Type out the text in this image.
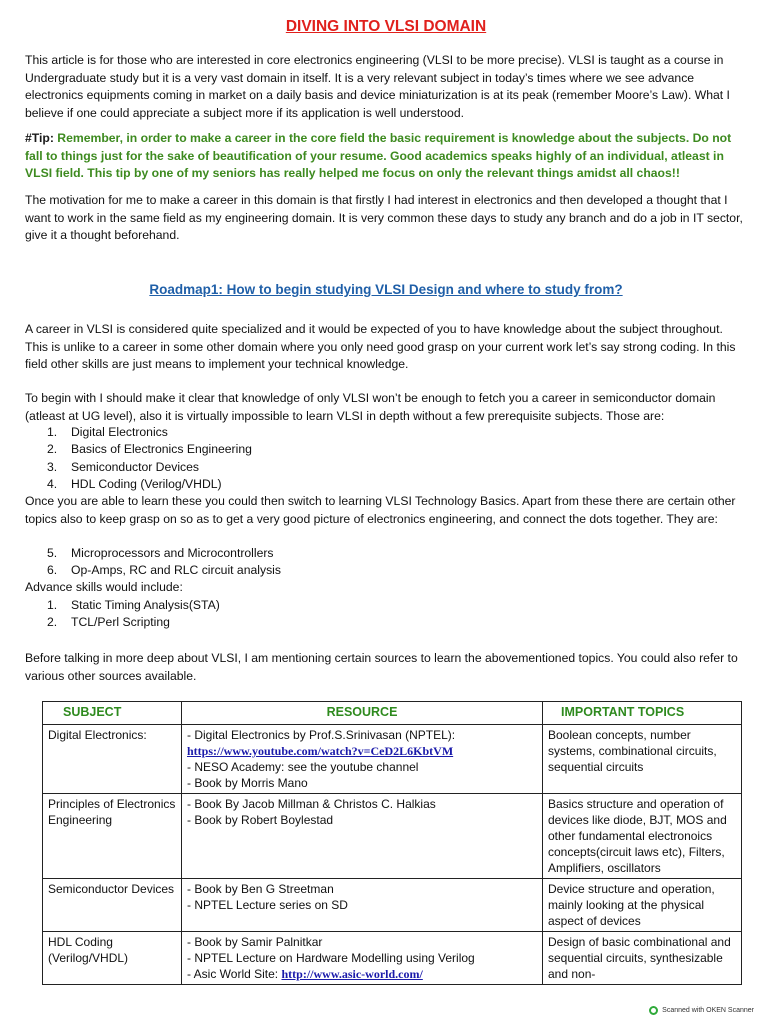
DIVING INTO VLSI DOMAIN

This article is for those who are interested in core electronics engineering (VLSI to be more precise). VLSI is taught as a course in Undergraduate study but it is a very vast domain in itself. It is a very relevant subject in today’s times where we see advance electronics equipments coming in market on a daily basis and device miniaturization is at its peak (remember Moore’s Law). What I believe if one could appreciate a subject more if its application is well understood.

#Tip: Remember, in order to make a career in the core field the basic requirement is knowledge about the subjects. Do not fall to things just for the sake of beautification of your resume. Good academics speaks highly of an individual, atleast in VLSI field. This tip by one of my seniors has really helped me focus on only the relevant things amidst all chaos!!

The motivation for me to make a career in this domain is that firstly I had interest in electronics and then developed a thought that I want to work in the same field as my engineering domain. It is very common these days to study any branch and do a job in IT sector, give it a thought beforehand.

Roadmap1: How to begin studying VLSI Design and where to study from?

A career in VLSI is considered quite specialized and it would be expected of you to have knowledge about the subject throughout. This is unlike to a career in some other domain where you only need good grasp on your current work let’s say strong coding. In this field other skills are just means to implement your technical knowledge.

To begin with I should make it clear that knowledge of only VLSI won’t be enough to fetch you a career in semiconductor domain (atleast at UG level), also it is virtually impossible to learn VLSI in depth without a few prerequisite subjects. Those are:

1. Digital Electronics
2. Basics of Electronics Engineering
3. Semiconductor Devices
4. HDL Coding (Verilog/VHDL)

Once you are able to learn these you could then switch to learning VLSI Technology Basics. Apart from these there are certain other topics also to keep grasp on so as to get a very good picture of electronics engineering, and connect the dots together. They are:

5. Microprocessors and Microcontrollers
6. Op-Amps, RC and RLC circuit analysis

Advance skills would include:

1. Static Timing Analysis(STA)
2. TCL/Perl Scripting

Before talking in more deep about VLSI, I am mentioning certain sources to learn the abovementioned topics. You could also refer to various other sources available.

SUBJECT	RESOURCE	IMPORTANT TOPICS
Digital Electronics:	- Digital Electronics by Prof.S.Srinivasan (NPTEL):
https://www.youtube.com/watch?v=CeD2L6KbtVM
- NESO Academy: see the youtube channel
- Book by Morris Mano	Boolean concepts, number systems, combinational circuits, sequential circuits
Principles of Electronics Engineering	- Book By Jacob Millman & Christos C. Halkias
- Book by Robert Boylestad	Basics structure and operation of devices like diode, BJT, MOS and other fundamental electronoics concepts(circuit laws etc), Filters, Amplifiers, oscillators
Semiconductor Devices	- Book by Ben G Streetman
- NPTEL Lecture series on SD	Device structure and operation, mainly looking at the physical aspect of devices
HDL Coding (Verilog/VHDL)	- Book by Samir Palnitkar
- NPTEL Lecture on Hardware Modelling using Verilog
- Asic World Site: http://www.asic-world.com/	Design of basic combinational and sequential circuits, synthesizable and non-
Scanned with OKEN Scanner
